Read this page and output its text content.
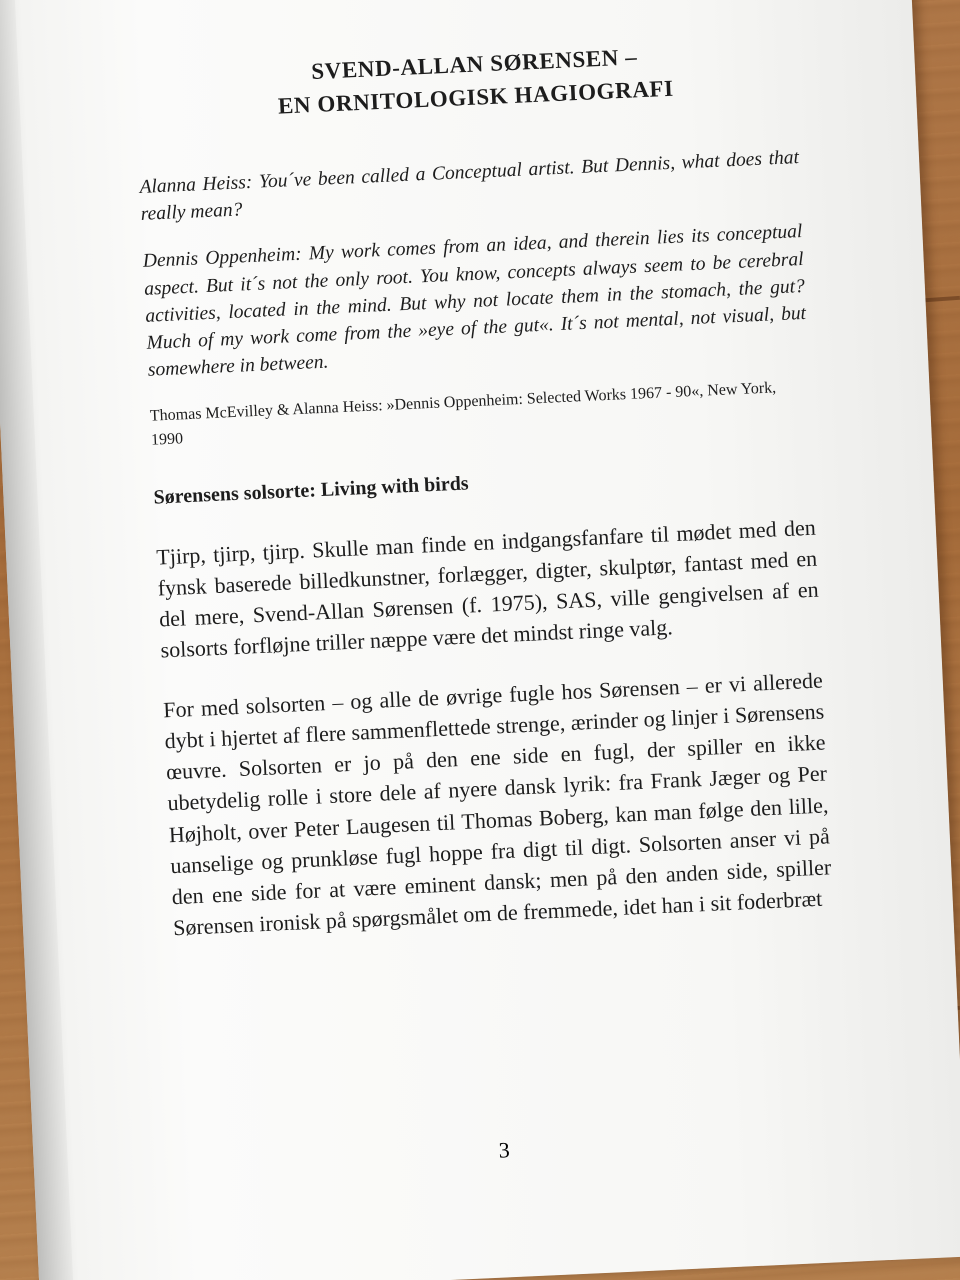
SVEND-ALLAN SØRENSEN –
EN ORNITOLOGISK HAGIOGRAFI

Alanna Heiss: You´ve been called a Conceptual artist. But Dennis, what does that really mean?

Dennis Oppenheim: My work comes from an idea, and therein lies its conceptual aspect. But it´s not the only root. You know, concepts always seem to be cerebral activities, located in the mind. But why not locate them in the stomach, the gut? Much of my work come from the »eye of the gut«. It´s not mental, not visual, but somewhere in between.

Thomas McEvilley & Alanna Heiss: »Dennis Oppenheim: Selected Works 1967 - 90«, New York, 1990
Sørensens solsorte: Living with birds

Tjirp, tjirp, tjirp. Skulle man finde en indgangsfanfare til mødet med den fynsk baserede billedkunstner, forlægger, digter, skulptør, fantast med en del mere, Svend-Allan Sørensen (f. 1975), SAS, ville gengivelsen af en solsorts forfløjne triller næppe være det mindst ringe valg.

For med solsorten – og alle de øvrige fugle hos Sørensen – er vi allerede dybt i hjertet af flere sammenflettede strenge, ærinder og linjer i Sørensens œuvre. Solsorten er jo på den ene side en fugl, der spiller en ikke ubetydelig rolle i store dele af nyere dansk lyrik: fra Frank Jæger og Per Højholt, over Peter Laugesen til Thomas Boberg, kan man følge den lille, uanselige og prunkløse fugl hoppe fra digt til digt. Solsorten anser vi på den ene side for at være eminent dansk; men på den anden side, spiller Sørensen ironisk på spørgsmålet om de fremmede, idet han i sit foderbræt

3
